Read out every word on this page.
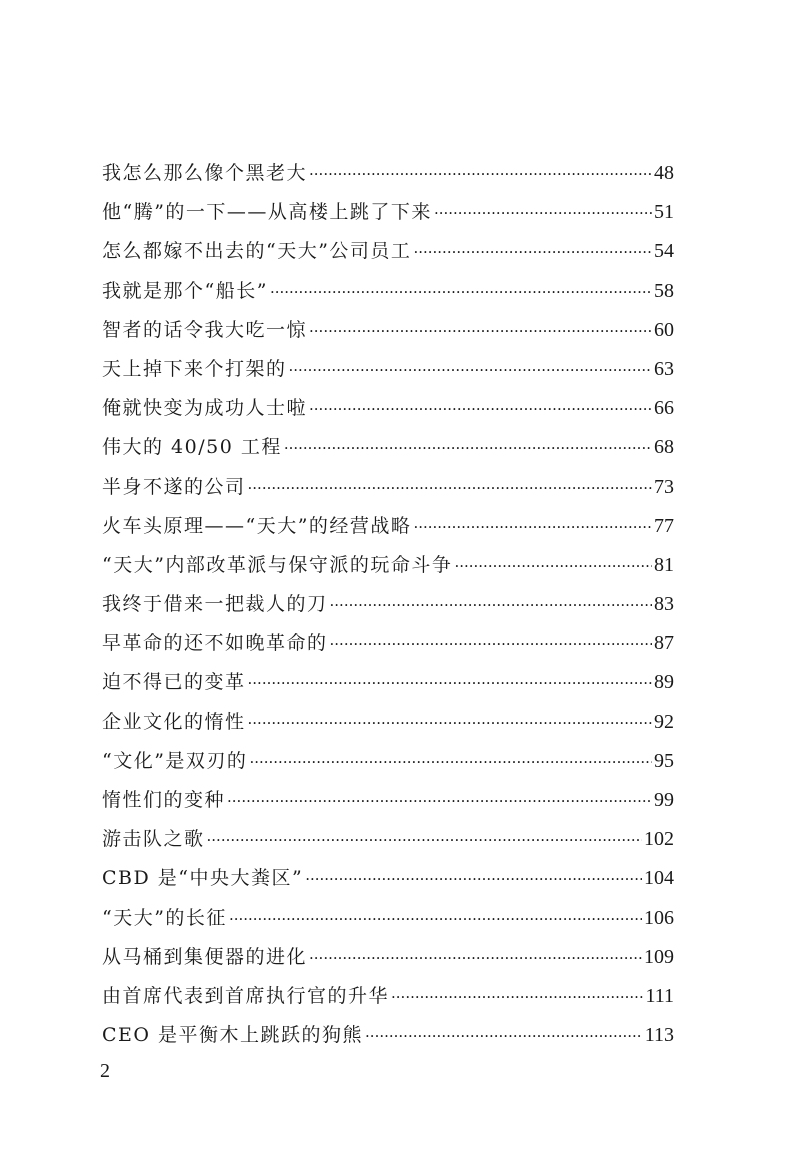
我怎么那么像个黑老大 ·····	48
他“腾”的一下——从高楼上跳了下来 ·····	51
怎么都嫁不出去的“天大”公司员工 ·····	54
我就是那个“船长” ·····	58
智者的话令我大吃一惊 ·····	60
天上掉下来个打架的 ·····	63
俺就快变为成功人士啦 ·····	66
伟大的 40/50 工程 ·····	68
半身不遂的公司 ·····	73
火车头原理——“天大”的经营战略 ·····	77
“天大”内部改革派与保守派的玩命斗争 ·····	81
我终于借来一把裁人的刀 ·····	83
早革命的还不如晚革命的 ·····	87
迫不得已的变革 ·····	89
企业文化的惰性 ·····	92
“文化”是双刃的 ·····	95
惰性们的变种 ·····	99
游击队之歌 ·····	102
CBD 是“中央大粪区” ·····	104
“天大”的长征 ·····	106
从马桶到集便器的进化 ·····	109
由首席代表到首席执行官的升华 ·····	111
CEO 是平衡木上跳跃的狗熊 ·····	113
2
